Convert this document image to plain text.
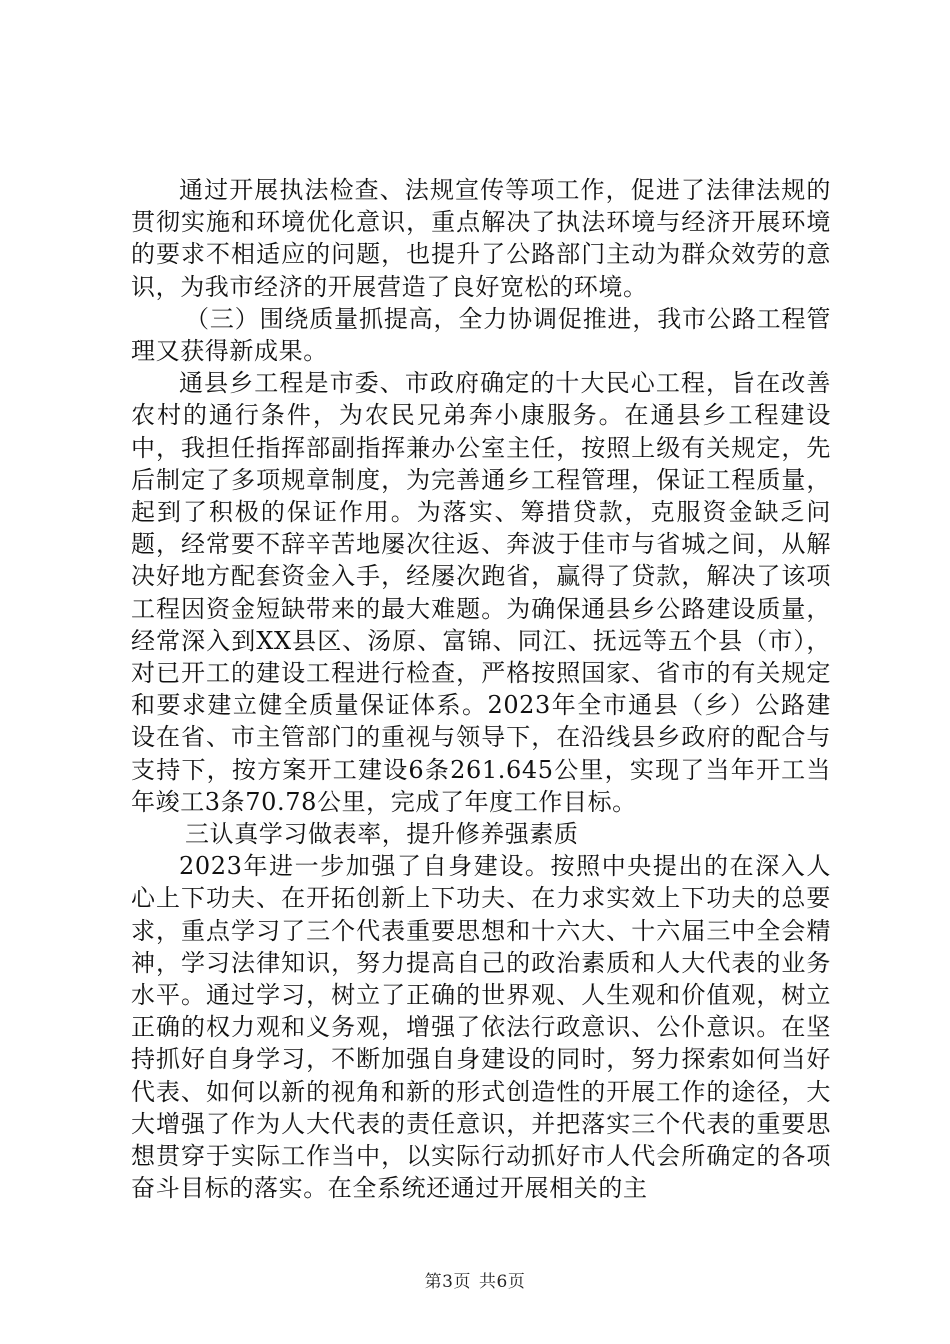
通过开展执法检查、法规宣传等项工作，促进了法律法规的贯彻实施和环境优化意识，重点解决了执法环境与经济开展环境的要求不相适应的问题，也提升了公路部门主动为群众效劳的意识，为我市经济的开展营造了良好宽松的环境。

（三）围绕质量抓提高，全力协调促推进，我市公路工程管理又获得新成果。

通县乡工程是市委、市政府确定的十大民心工程，旨在改善农村的通行条件，为农民兄弟奔小康服务。在通县乡工程建设中，我担任指挥部副指挥兼办公室主任，按照上级有关规定，先后制定了多项规章制度，为完善通乡工程管理，保证工程质量，起到了积极的保证作用。为落实、筹措贷款，克服资金缺乏问题，经常要不辞辛苦地屡次往返、奔波于佳市与省城之间，从解决好地方配套资金入手，经屡次跑省，赢得了贷款，解决了该项工程因资金短缺带来的最大难题。为确保通县乡公路建设质量，经常深入到XX县区、汤原、富锦、同江、抚远等五个县（市），对已开工的建设工程进行检查，严格按照国家、省市的有关规定和要求建立健全质量保证体系。2023年全市通县（乡）公路建设在省、市主管部门的重视与领导下，在沿线县乡政府的配合与支持下，按方案开工建设6条261.645公里，实现了当年开工当年竣工3条70.78公里，完成了年度工作目标。

三认真学习做表率，提升修养强素质

2023年进一步加强了自身建设。按照中央提出的在深入人心上下功夫、在开拓创新上下功夫、在力求实效上下功夫的总要求，重点学习了三个代表重要思想和十六大、十六届三中全会精神，学习法律知识，努力提高自己的政治素质和人大代表的业务水平。通过学习，树立了正确的世界观、人生观和价值观，树立正确的权力观和义务观，增强了依法行政意识、公仆意识。在坚持抓好自身学习，不断加强自身建设的同时，努力探索如何当好代表、如何以新的视角和新的形式创造性的开展工作的途径，大大增强了作为人大代表的责任意识，并把落实三个代表的重要思想贯穿于实际工作当中，以实际行动抓好市人代会所确定的各项奋斗目标的落实。在全系统还通过开展相关的主

第3页 共6页
